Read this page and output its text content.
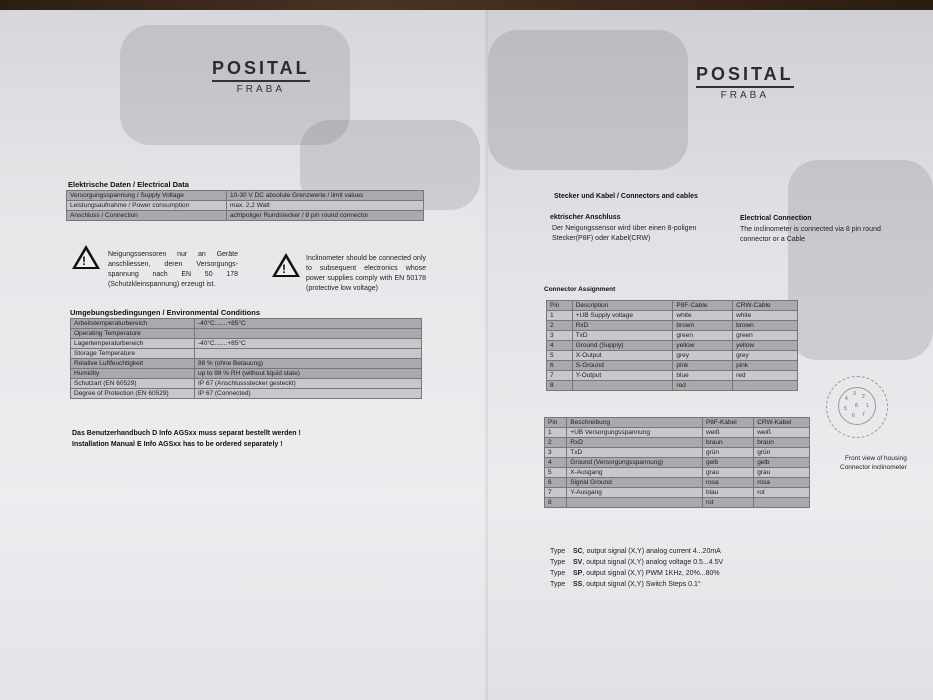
POSITAL
FRABA
Elektrische Daten / Electrical Data
Versorgungsspannung / Supply Voltage	10-30 V DC absolute Grenzwerte / limit values
Leistungsaufnahme / Power consumption	max. 2,2 Watt
Anschluss / Connection	achtpoliger Rundstecker / 8 pin round connector
!	Neigungssensoren nur an Geräte anschliessen, deren Versorgungs-spannung nach EN 50 178 (Schutzkleinspannung) erzeugt ist.
!
Inclinometer should be connected only to subsequent electronics whose power supplies comply with EN 50178 (protective low voltage)
Umgebungsbedingungen / Environmental Conditions
Arbeitstemperaturbereich	-40°C.......+85°C
Operating Temperature	
Lagertemperaturbereich	-40°C.......+85°C
Storage Temperature	
Relative Luftfeuchtigkeit	98 % (ohne Betauung)
Humidity	up to 98 % RH (without liquid state)
Schutzart (EN 60529)	IP 67 (Anschlussstecker gesteckt)
Degree of Protection (EN 60529)	IP 67 (Connected)
Das Benutzerhandbuch D Info AGSxx muss separat bestellt werden !
Installation Manual E Info AGSxx has to be ordered separately !
POSITAL
FRABA
Stecker und Kabel / Connectors and cables
ektrischer Anschluss
Der Neigungssensor wird über einen 8-poligen Stecker(P8F) oder Kabel(CRW)
Electrical Connection
The inclinometer is connected via 8 pin round connector or a Cable
Connector Assignment
Pin	Description	P8F-Cable	CRW-Cable
1	+UB Supply voltage	white	white
2	RxD	brown	brown
3	TxD	green	green
4	Ground (Supply)	yellow	yellow
5	X-Output	grey	grey
6	S-Ground	pink	pink
7	Y-Output	blue	red
8		red	
Pin	Beschreibung	P8F-Kabel	CRW-Kabel
1	+UB Versorgungsspannung	weiß	weiß
2	RxD	braun	braun
3	TxD	grün	grün
4	Ground (Versorgungsspannung)	gelb	gelb
5	X-Ausgang	grau	grau
6	Signal Ground	rosa	rosa
7	Y-Ausgang	blau	rot
8		rot	
4
3 2
1
8
5
6 7
Front view of housing
Connector inclinometer
Type SC, output signal (X,Y) analog current 4...20mA
Type SV, output signal (X,Y) analog voltage 0.5...4.5V
Type SP, output signal (X,Y) PWM 1KHz, 20%...80%
Type SS, output signal (X,Y) Switch Steps 0.1°
